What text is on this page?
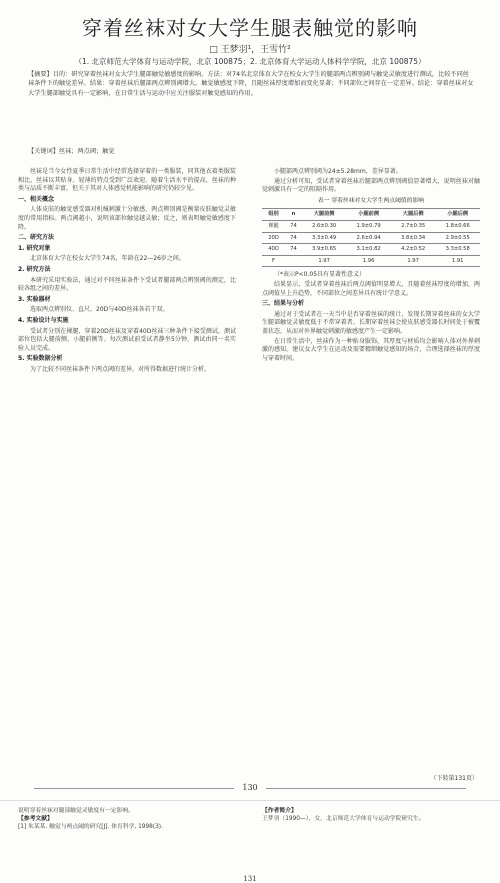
穿着丝袜对女大学生腿表触觉的影响
□ 王梦羽¹，王雪竹²
（1. 北京师范大学体育与运动学院，北京 100875；2. 北京体育大学运动人体科学学院，北京 100875）
【摘要】目的：研究穿着丝袜对女大学生腿部触觉敏感度的影响。方法：对74名北京体育大学在校女大学生的腿部两点辨别阈与触觉灵敏度进行测试，比较不同丝袜条件下的触觉差异。结果：穿着丝袜后腿部两点辨别阈增大，触觉敏感度下降，且随丝袜厚度增加而变化显著；不同部位之间存在一定差异。结论：穿着丝袜对女大学生腿部触觉具有一定影响，在日常生活与运动中应关注服装对触觉感知的作用。
【关键词】丝袜；两点阈；触觉

丝袜是当今女性夏季日常生活中经常选择穿着的一类服装，同其他衣着类服装相比，丝袜以其贴身、轻薄的特点受到广泛欢迎。随着生活水平的提高，丝袜的种类与品质不断丰富，但关于其对人体感觉机能影响的研究仍较少见。

一、相关概念

人体皮肤的触觉感受器对机械刺激十分敏感，两点辨别阈是衡量皮肤触觉灵敏度的常用指标。两点阈越小，说明该部位触觉越灵敏；反之，则表明触觉敏感度下降。

二、研究方法
1. 研究对象

北京体育大学在校女大学生74名，年龄在22—26岁之间。

2. 研究方法

本研究采用实验法，通过对不同丝袜条件下受试者腿部两点辨别阈的测定，比较各组之间的差异。

3. 实验器材

选取两点辨别仪、直尺、20D与40D丝袜各若干双。

4. 实验设计与实施

受试者分别在裸腿、穿着20D丝袜及穿着40D丝袜三种条件下接受测试，测试部位包括大腿前侧、小腿前侧等。每次测试前受试者静坐5分钟，测试由同一名实验人员完成。

5. 实验数据分析

为了比较不同丝袜条件下两点阈的差异，对所得数据进行统计分析。

小腿部两点辨别阈为24±5.28mm，差异显著。

通过分析可知，受试者穿着丝袜后腿部两点辨别阈值显著增大，说明丝袜对触觉刺激具有一定的阻隔作用。

表一 穿着丝袜对女大学生两点阈值的影响
组别	n	大腿前侧	小腿前侧	大腿后侧	小腿后侧
裸腿	74	2.6±0.30	1.9±0.79	2.7±0.35	1.8±0.66
20D	74	3.3±0.49	2.6±0.94	3.8±0.34	2.9±0.55
40D	74	3.9±0.65	3.1±0.82	4.2±0.52	3.3±0.58
F		1.97	1.96	1.97	1.91

（*表示P<0.05具有显著性意义）

结果显示，受试者穿着丝袜后两点阈值明显增大，且随着丝袜厚度的增加，两点阈值呈上升趋势，不同部位之间差异具有统计学意义。

三、结果与分析

通过对于受试者在一天当中是否穿着丝袜的统计，发现长期穿着丝袜的女大学生腿部触觉灵敏度低于不常穿着者。长期穿着丝袜会使皮肤感受器长时间处于被覆盖状态，从而对外界触觉刺激的敏感度产生一定影响。

在日常生活中，丝袜作为一种贴身服饰，其厚度与材质均会影响人体对外界刺激的感知。建议女大学生在运动及需要精细触觉感知的场合，合理选择丝袜的厚度与穿着时间。

（下转第131页）
130
说明穿着丝袜对腿部触觉灵敏度有一定影响。
【参考文献】
[1] 朱某某. 触觉与两点阈的研究[J]. 体育科学, 1998(3).
【作者简介】
王梦羽（1990—），女，北京师范大学体育与运动学院研究生。
131
